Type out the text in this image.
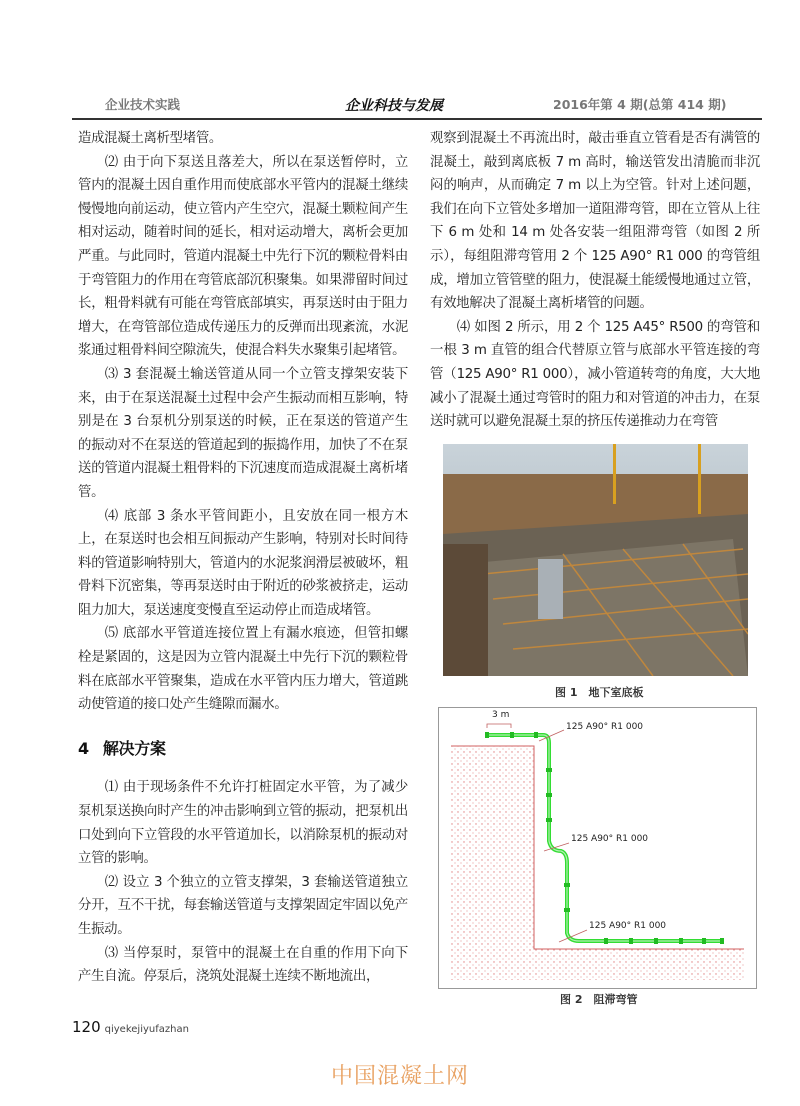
企业技术实践	企业科技与发展	2016年第 4 期(总第 414 期)

造成混凝土离析型堵管。

⑵ 由于向下泵送且落差大，所以在泵送暂停时，立管内的混凝土因自重作用而使底部水平管内的混凝土继续慢慢地向前运动，使立管内产生空穴，混凝土颗粒间产生相对运动，随着时间的延长，相对运动增大，离析会更加严重。与此同时，管道内混凝土中先行下沉的颗粒骨料由于弯管阻力的作用在弯管底部沉积聚集。如果滞留时间过长，粗骨料就有可能在弯管底部填实，再泵送时由于阻力增大，在弯管部位造成传递压力的反弹而出现紊流，水泥浆通过粗骨料间空隙流失，使混合料失水聚集引起堵管。

⑶ 3 套混凝土输送管道从同一个立管支撑架安装下来，由于在泵送混凝土过程中会产生振动而相互影响，特别是在 3 台泵机分别泵送的时候，正在泵送的管道产生的振动对不在泵送的管道起到的振捣作用，加快了不在泵送的管道内混凝土粗骨料的下沉速度而造成混凝土离析堵管。

⑷ 底部 3 条水平管间距小，且安放在同一根方木上，在泵送时也会相互间振动产生影响，特别对长时间待料的管道影响特别大，管道内的水泥浆润滑层被破坏，粗骨料下沉密集，等再泵送时由于附近的砂浆被挤走，运动阻力加大，泵送速度变慢直至运动停止而造成堵管。

⑸ 底部水平管道连接位置上有漏水痕迹，但管扣螺栓是紧固的，这是因为立管内混凝土中先行下沉的颗粒骨料在底部水平管聚集，造成在水平管内压力增大，管道跳动使管道的接口处产生缝隙而漏水。

4 解决方案

⑴ 由于现场条件不允许打桩固定水平管，为了减少泵机泵送换向时产生的冲击影响到立管的振动，把泵机出口处到向下立管段的水平管道加长，以消除泵机的振动对立管的影响。

⑵ 设立 3 个独立的立管支撑架，3 套输送管道独立分开，互不干扰，每套输送管道与支撑架固定牢固以免产生振动。

⑶ 当停泵时，泵管中的混凝土在自重的作用下向下产生自流。停泵后，浇筑处混凝土连续不断地流出，

观察到混凝土不再流出时，敲击垂直立管看是否有满管的混凝土，敲到离底板 7 m 高时，输送管发出清脆而非沉闷的响声，从而确定 7 m 以上为空管。针对上述问题，我们在向下立管处多增加一道阻滞弯管，即在立管从上往下 6 m 处和 14 m 处各安装一组阻滞弯管（如图 2 所示），每组阻滞弯管用 2 个 125 A90° R1 000 的弯管组成，增加立管管壁的阻力，使混凝土能缓慢地通过立管，有效地解决了混凝土离析堵管的问题。

⑷ 如图 2 所示，用 2 个 125 A45° R500 的弯管和一根 3 m 直管的组合代替原立管与底部水平管连接的弯管（125 A90° R1 000），减小管道转弯的角度，大大地减小了混凝土通过弯管时的阻力和对管道的冲击力，在泵送时就可以避免混凝土泵的挤压传递推动力在弯管

图 1　地下室底板
3 m
125 A90° R1 000
125 A90° R1 000
125 A90° R1 000
图 2　阻滞弯管
120 qiyekejiyufazhan
中国混凝土网
